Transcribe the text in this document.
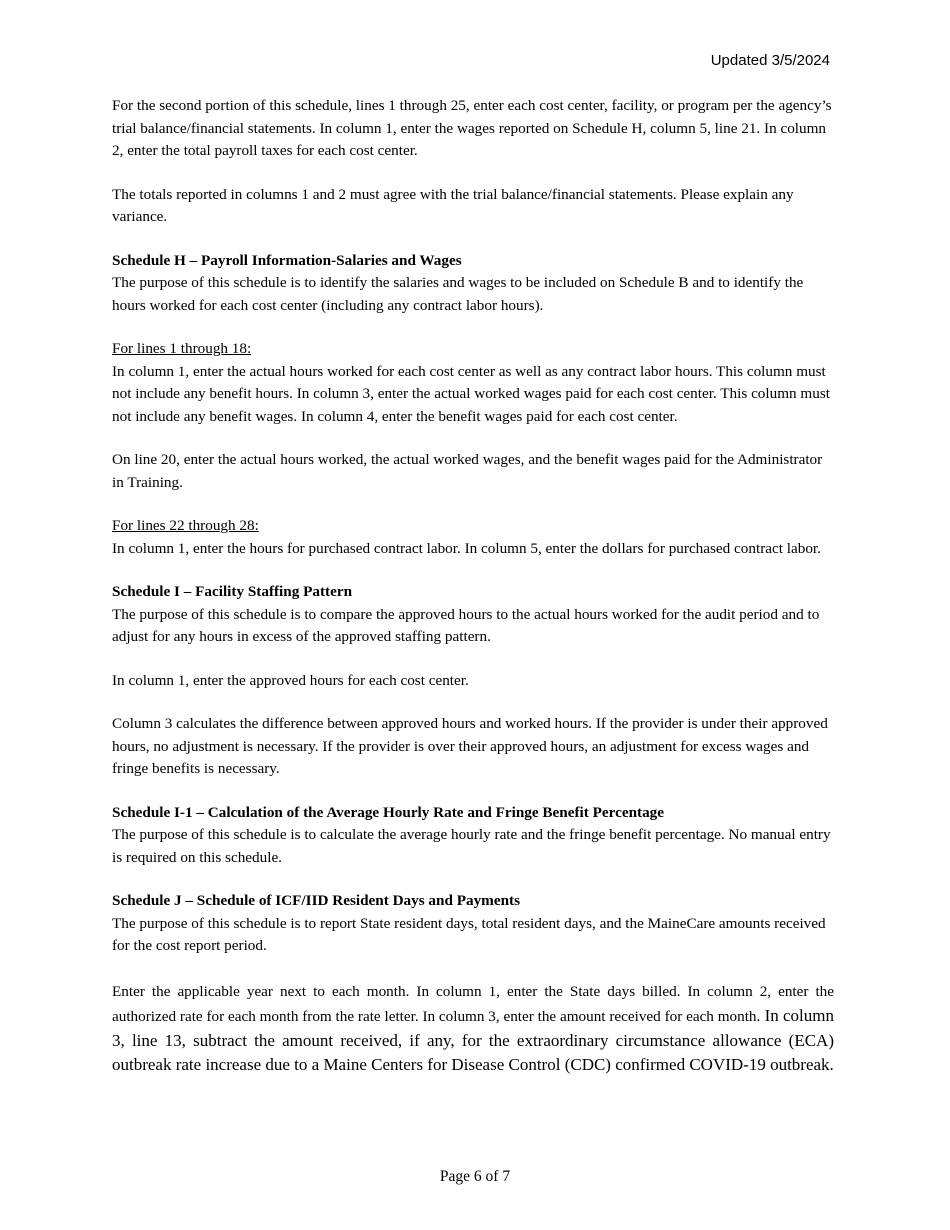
Updated 3/5/2024

For the second portion of this schedule, lines 1 through 25, enter each cost center, facility, or program per the agency’s trial balance/financial statements. In column 1, enter the wages reported on Schedule H, column 5, line 21. In column 2, enter the total payroll taxes for each cost center.

The totals reported in columns 1 and 2 must agree with the trial balance/financial statements. Please explain any variance.

Schedule H – Payroll Information-Salaries and Wages
The purpose of this schedule is to identify the salaries and wages to be included on Schedule B and to identify the hours worked for each cost center (including any contract labor hours).

For lines 1 through 18:
In column 1, enter the actual hours worked for each cost center as well as any contract labor hours. This column must not include any benefit hours. In column 3, enter the actual worked wages paid for each cost center. This column must not include any benefit wages. In column 4, enter the benefit wages paid for each cost center.

On line 20, enter the actual hours worked, the actual worked wages, and the benefit wages paid for the Administrator in Training.

For lines 22 through 28:
In column 1, enter the hours for purchased contract labor. In column 5, enter the dollars for purchased contract labor.

Schedule I – Facility Staffing Pattern
The purpose of this schedule is to compare the approved hours to the actual hours worked for the audit period and to adjust for any hours in excess of the approved staffing pattern.

In column 1, enter the approved hours for each cost center.

Column 3 calculates the difference between approved hours and worked hours. If the provider is under their approved hours, no adjustment is necessary. If the provider is over their approved hours, an adjustment for excess wages and fringe benefits is necessary.

Schedule I-1 – Calculation of the Average Hourly Rate and Fringe Benefit Percentage
The purpose of this schedule is to calculate the average hourly rate and the fringe benefit percentage. No manual entry is required on this schedule.

Schedule J – Schedule of ICF/IID Resident Days and Payments
The purpose of this schedule is to report State resident days, total resident days, and the MaineCare amounts received for the cost report period.

Enter the applicable year next to each month. In column 1, enter the State days billed. In column 2, enter the authorized rate for each month from the rate letter. In column 3, enter the amount received for each month. In column 3, line 13, subtract the amount received, if any, for the extraordinary circumstance allowance (ECA) outbreak rate increase due to a Maine Centers for Disease Control (CDC) confirmed COVID-19 outbreak.

Page 6 of 7
